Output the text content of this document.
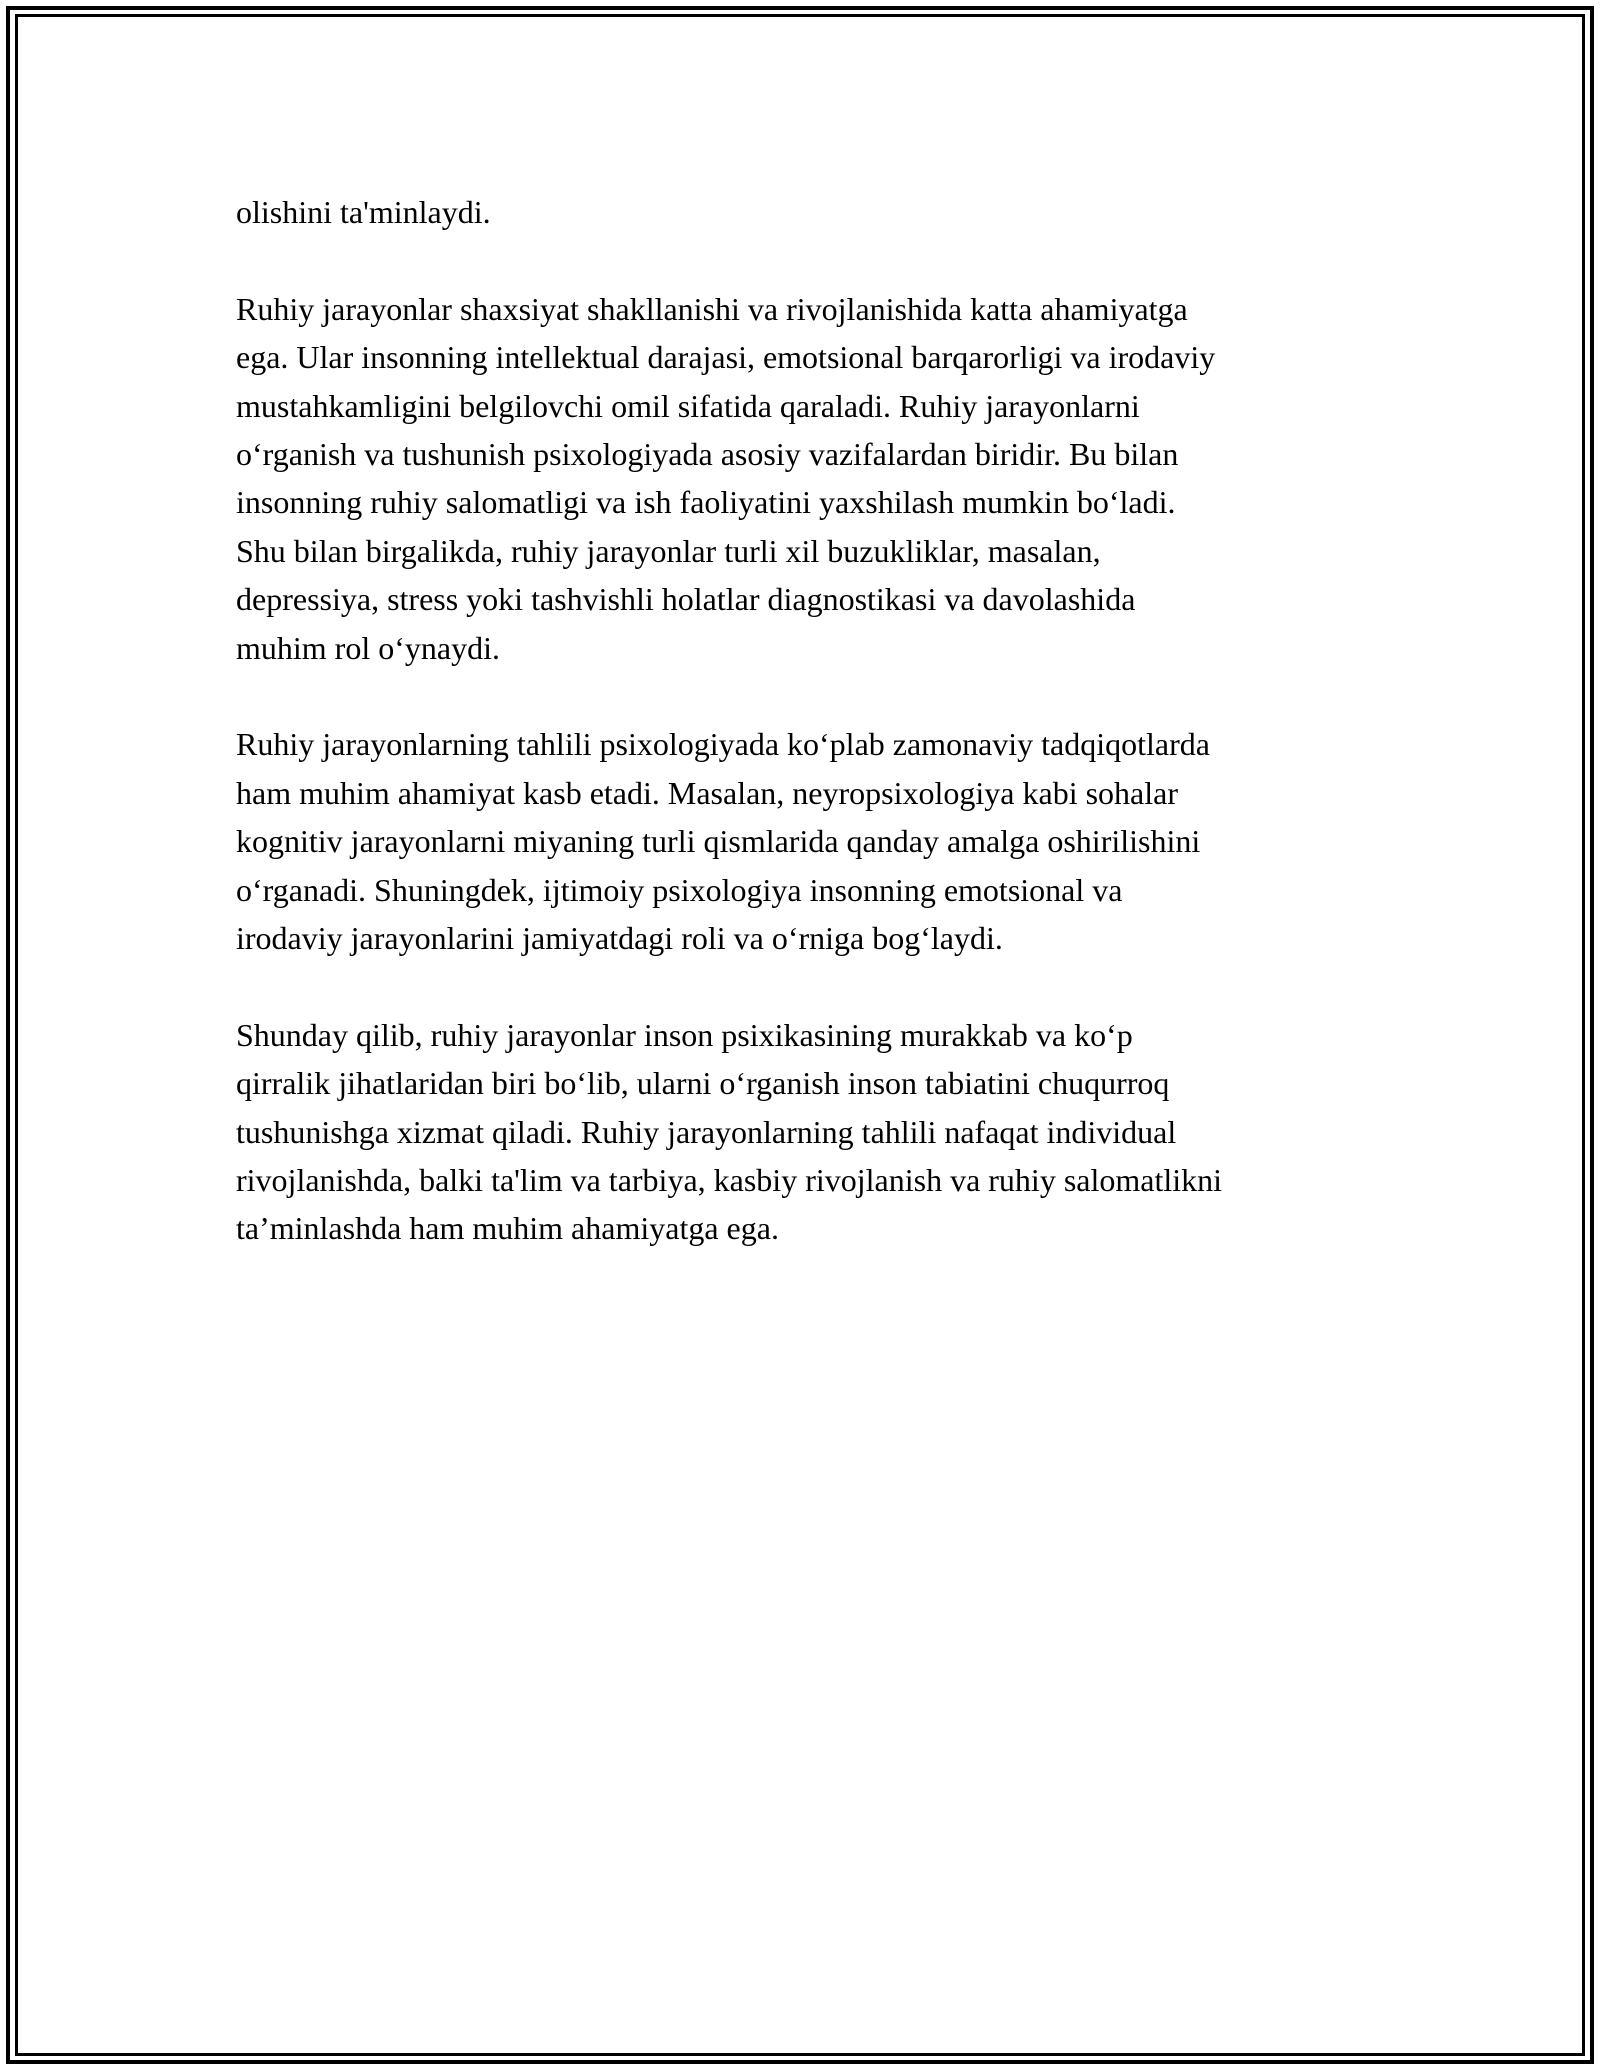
olishini ta'minlaydi.

Ruhiy jarayonlar shaxsiyat shakllanishi va rivojlanishida katta ahamiyatga
ega. Ular insonning intellektual darajasi, emotsional barqarorligi va irodaviy
mustahkamligini belgilovchi omil sifatida qaraladi. Ruhiy jarayonlarni
o‘rganish va tushunish psixologiyada asosiy vazifalardan biridir. Bu bilan
insonning ruhiy salomatligi va ish faoliyatini yaxshilash mumkin bo‘ladi.
Shu bilan birgalikda, ruhiy jarayonlar turli xil buzukliklar, masalan,
depressiya, stress yoki tashvishli holatlar diagnostikasi va davolashida
muhim rol o‘ynaydi.

Ruhiy jarayonlarning tahlili psixologiyada ko‘plab zamonaviy tadqiqotlarda
ham muhim ahamiyat kasb etadi. Masalan, neyropsixologiya kabi sohalar
kognitiv jarayonlarni miyaning turli qismlarida qanday amalga oshirilishini
o‘rganadi. Shuningdek, ijtimoiy psixologiya insonning emotsional va
irodaviy jarayonlarini jamiyatdagi roli va o‘rniga bog‘laydi.

Shunday qilib, ruhiy jarayonlar inson psixikasining murakkab va ko‘p
qirralik jihatlaridan biri bo‘lib, ularni o‘rganish inson tabiatini chuqurroq
tushunishga xizmat qiladi. Ruhiy jarayonlarning tahlili nafaqat individual
rivojlanishda, balki ta'lim va tarbiya, kasbiy rivojlanish va ruhiy salomatlikni
ta’minlashda ham muhim ahamiyatga ega.
